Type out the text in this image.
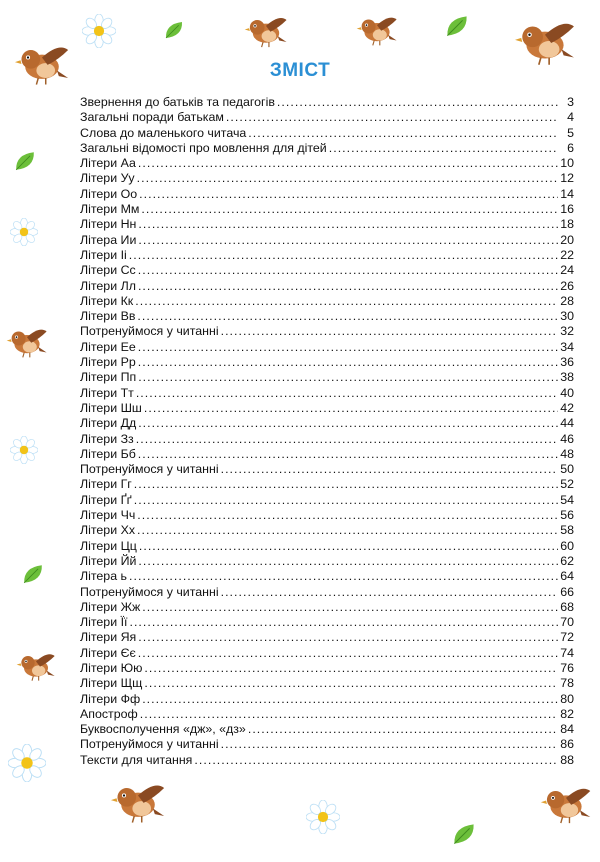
ЗМІСТ
Звернення до батьків та педагогів . . .	3
Загальні поради батькам . . .	4
Слова до маленького читача . . .	5
Загальні відомості про мовлення для дітей . . .	6
Літери Аа . . .	10
Літери Уу . . .	12
Літери Оо . . .	14
Літери Мм . . .	16
Літери Нн . . .	18
Літера Ии . . .	20
Літери Іі . . .	22
Літери Сс . . .	24
Літери Лл . . .	26
Літери Кк . . .	28
Літери Вв . . .	30
Потренуймося у читанні . . .	32
Літери Ее . . .	34
Літери Рр . . .	36
Літери Пп . . .	38
Літери Тт . . .	40
Літери Шш . . .	42
Літери Дд . . .	44
Літери Зз . . .	46
Літери Бб . . .	48
Потренуймося у читанні . . .	50
Літери Гг . . .	52
Літери Ґґ . . .	54
Літери Чч . . .	56
Літери Хх . . .	58
Літери Цц . . .	60
Літери Йй . . .	62
Літера ь . . .	64
Потренуймося у читанні . . .	66
Літери Жж . . .	68
Літери Її . . .	70
Літери Яя . . .	72
Літери Єє . . .	74
Літери Юю . . .	76
Літери Щщ . . .	78
Літери Фф . . .	80
Апостроф . . .	82
Буквосполучення «дж», «дз» . . .	84
Потренуймося у читанні . . .	86
Тексти для читання . . .	88
